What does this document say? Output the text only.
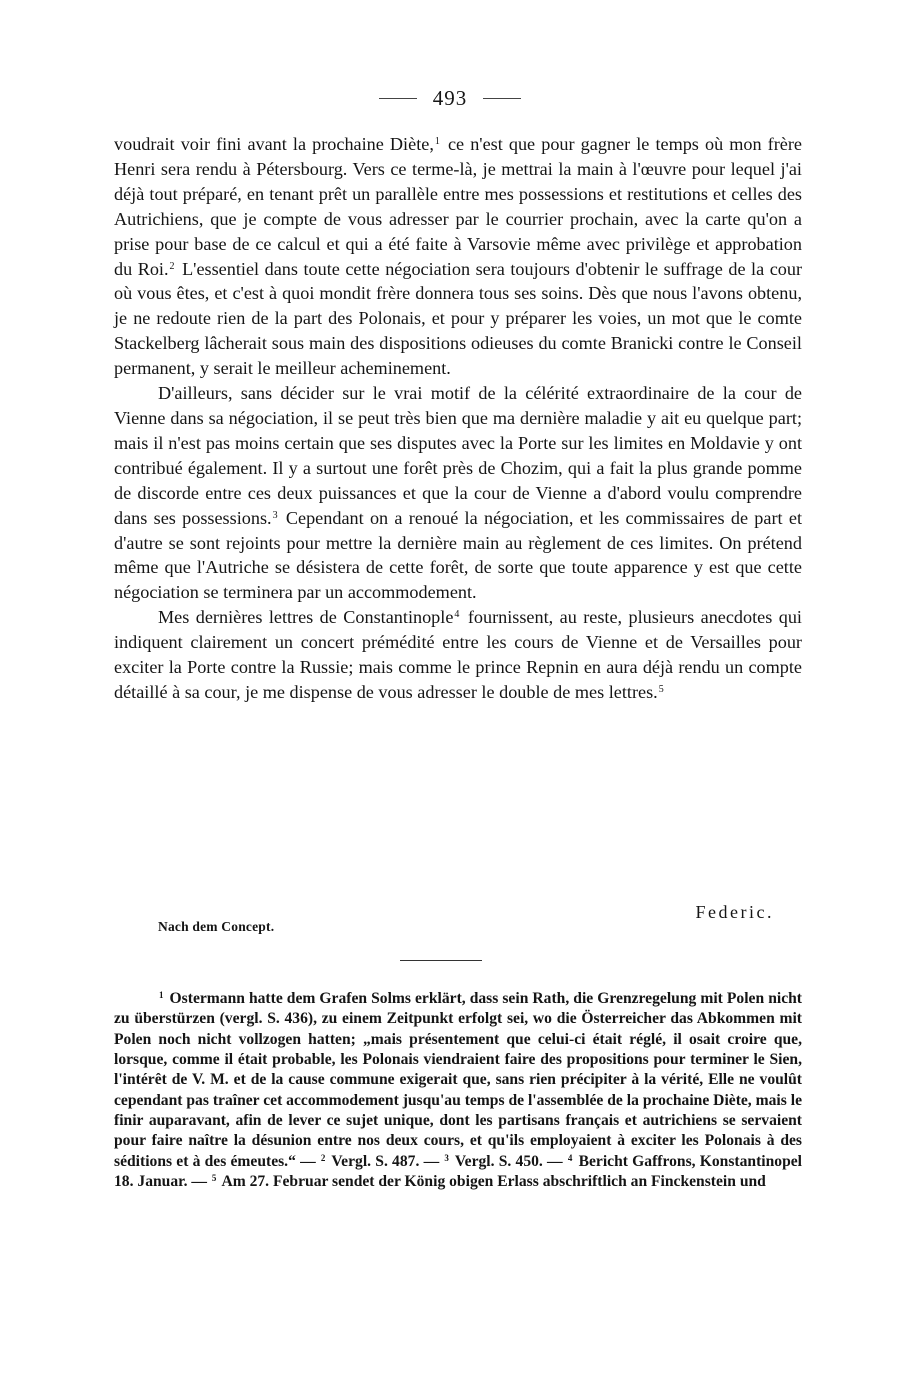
493

voudrait voir fini avant la prochaine Diète,$^1$ ce n'est que pour gagner le temps où mon frère Henri sera rendu à Pétersbourg. Vers ce terme-là, je mettrai la main à l'œuvre pour lequel j'ai déjà tout préparé, en tenant prêt un parallèle entre mes possessions et restitutions et celles des Autrichiens, que je compte de vous adresser par le courrier prochain, avec la carte qu'on a prise pour base de ce calcul et qui a été faite à Varsovie même avec privilège et approbation du Roi.$^2$ L'essentiel dans toute cette négociation sera toujours d'obtenir le suffrage de la cour où vous êtes, et c'est à quoi mondit frère donnera tous ses soins. Dès que nous l'avons obtenu, je ne redoute rien de la part des Polonais, et pour y préparer les voies, un mot que le comte Stackelberg lâcherait sous main des dispositions odieuses du comte Branicki contre le Conseil permanent, y serait le meilleur acheminement.

D'ailleurs, sans décider sur le vrai motif de la célérité extraordinaire de la cour de Vienne dans sa négociation, il se peut très bien que ma dernière maladie y ait eu quelque part; mais il n'est pas moins certain que ses disputes avec la Porte sur les limites en Moldavie y ont contribué également. Il y a surtout une forêt près de Chozim, qui a fait la plus grande pomme de discorde entre ces deux puissances et que la cour de Vienne a d'abord voulu comprendre dans ses possessions.$^3$ Cependant on a renoué la négociation, et les commissaires de part et d'autre se sont rejoints pour mettre la dernière main au règlement de ces limites. On prétend même que l'Autriche se désistera de cette forêt, de sorte que toute apparence y est que cette négociation se terminera par un accommodement.

Mes dernières lettres de Constantinople$^4$ fournissent, au reste, plusieurs anecdotes qui indiquent clairement un concert prémédité entre les cours de Vienne et de Versailles pour exciter la Porte contre la Russie; mais comme le prince Repnin en aura déjà rendu un compte détaillé à sa cour, je me dispense de vous adresser le double de mes lettres.$^5$

Federic.
Nach dem Concept.

$^1$ Ostermann hatte dem Grafen Solms erklärt, dass sein Rath, die Grenzregelung mit Polen nicht zu überstürzen (vergl. S. 436), zu einem Zeitpunkt erfolgt sei, wo die Österreicher das Abkommen mit Polen noch nicht vollzogen hatten; „mais présentement que celui-ci était réglé, il osait croire que, lorsque, comme il était probable, les Polonais viendraient faire des propositions pour terminer le Sien, l'intérêt de V. M. et de la cause commune exigerait que, sans rien précipiter à la vérité, Elle ne voulût cependant pas traîner cet accommodement jusqu'au temps de l'assemblée de la prochaine Diète, mais le finir auparavant, afin de lever ce sujet unique, dont les partisans français et autrichiens se servaient pour faire naître la désunion entre nos deux cours, et qu'ils employaient à exciter les Polonais à des séditions et à des émeutes.“ — $^2$ Vergl. S. 487. — $^3$ Vergl. S. 450. — $^4$ Bericht Gaffrons, Konstantinopel 18. Januar. — $^5$ Am 27. Februar sendet der König obigen Erlass abschriftlich an Finckenstein und
